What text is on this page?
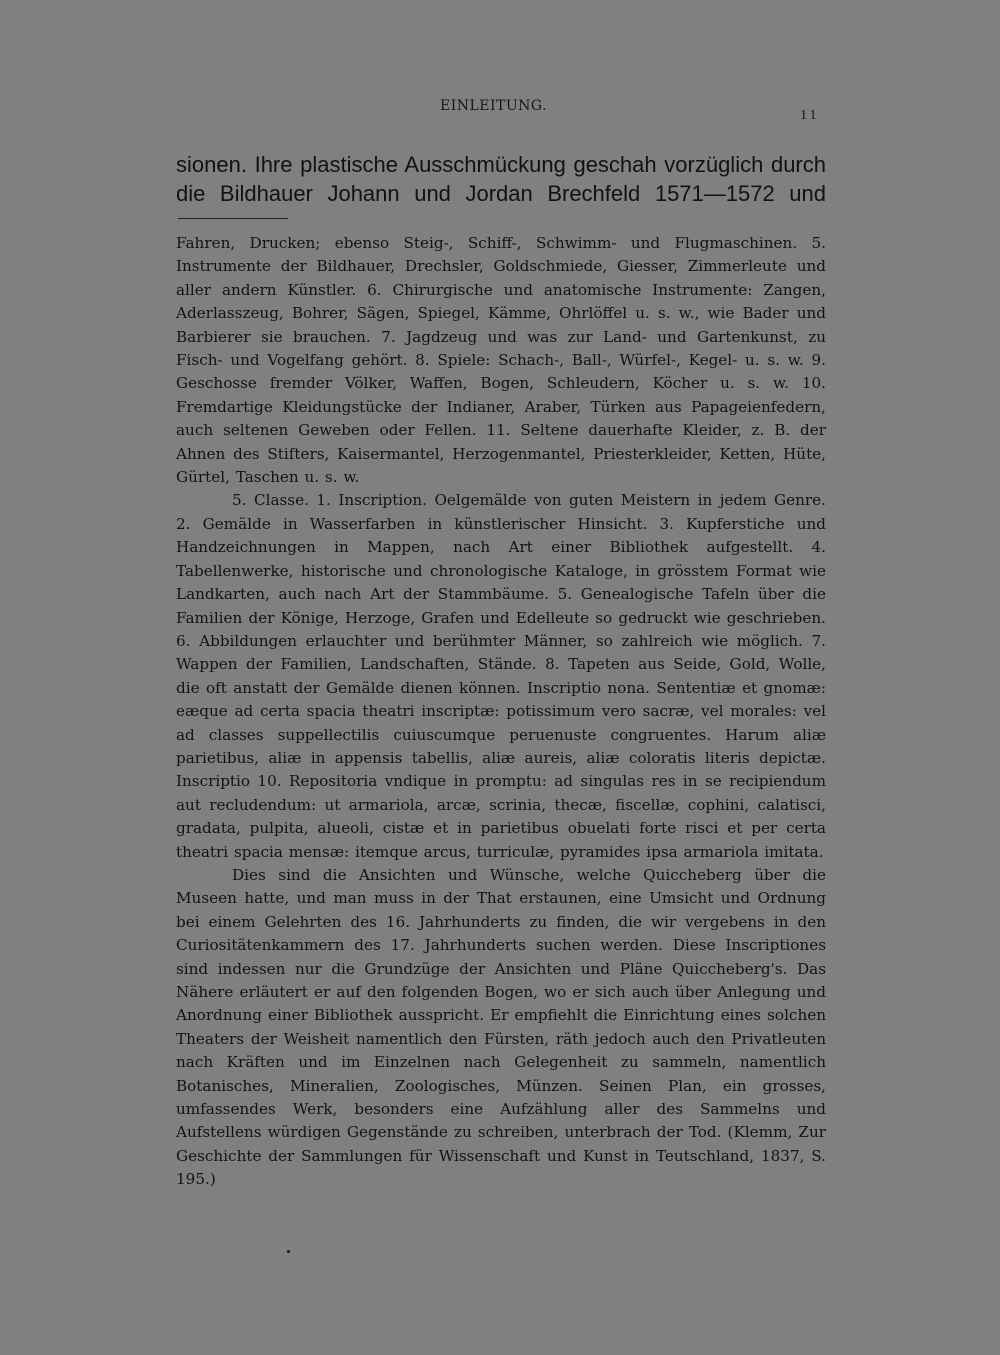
EINLEITUNG.
11
sionen. Ihre plastische Ausschmückung geschah vorzüglich durch
die Bildhauer Johann und Jordan Brechfeld 1571—1572 und

Fahren, Drucken; ebenso Steig-, Schiff-, Schwimm- und Flugmaschinen. 5. Instrumente der Bildhauer, Drechsler, Goldschmiede, Giesser, Zimmerleute und aller andern Künstler. 6. Chirurgische und anatomische Instrumente: Zangen, Aderlasszeug, Bohrer, Sägen, Spiegel, Kämme, Ohrlöffel u. s. w., wie Bader und Barbierer sie brauchen. 7. Jagdzeug und was zur Land- und Gartenkunst, zu Fisch- und Vogelfang gehört. 8. Spiele: Schach-, Ball-, Würfel-, Kegel- u. s. w. 9. Geschosse fremder Völker, Waffen, Bogen, Schleudern, Köcher u. s. w. 10. Fremdartige Kleidungstücke der Indianer, Araber, Türken aus Papageienfedern, auch seltenen Geweben oder Fellen. 11. Seltene dauerhafte Kleider, z. B. der Ahnen des Stifters, Kaisermantel, Herzogenmantel, Priesterkleider, Ketten, Hüte, Gürtel, Taschen u. s. w.

5. Classe. 1. Inscription. Oelgemälde von guten Meistern in jedem Genre. 2. Gemälde in Wasserfarben in künstlerischer Hinsicht. 3. Kupferstiche und Handzeichnungen in Mappen, nach Art einer Bibliothek aufgestellt. 4. Tabellenwerke, historische und chronologische Kataloge, in grösstem Format wie Landkarten, auch nach Art der Stammbäume. 5. Genealogische Tafeln über die Familien der Könige, Herzoge, Grafen und Edelleute so gedruckt wie geschrieben. 6. Abbildungen erlauchter und berühmter Männer, so zahlreich wie möglich. 7. Wappen der Familien, Landschaften, Stände. 8. Tapeten aus Seide, Gold, Wolle, die oft anstatt der Gemälde dienen können. Inscriptio nona. Sententiæ et gnomæ: eæque ad certa spacia theatri inscriptæ: potissimum vero sacræ, vel morales: vel ad classes suppellectilis cuiuscumque peruenuste congruentes. Harum aliæ parietibus, aliæ in appensis tabellis, aliæ aureis, aliæ coloratis literis depictæ. Inscriptio 10. Repositoria vndique in promptu: ad singulas res in se recipiendum aut recludendum: ut armariola, arcæ, scrinia, thecæ, fiscellæ, cophini, calatisci, gradata, pulpita, alueoli, cistæ et in parietibus obuelati forte risci et per certa theatri spacia mensæ: itemque arcus, turriculæ, pyramides ipsa armariola imitata.

Dies sind die Ansichten und Wünsche, welche Quiccheberg über die Museen hatte, und man muss in der That erstaunen, eine Umsicht und Ordnung bei einem Gelehrten des 16. Jahrhunderts zu finden, die wir vergebens in den Curiositätenkammern des 17. Jahrhunderts suchen werden. Diese Inscriptiones sind indessen nur die Grundzüge der Ansichten und Pläne Quiccheberg's. Das Nähere erläutert er auf den folgenden Bogen, wo er sich auch über Anlegung und Anordnung einer Bibliothek ausspricht. Er empfiehlt die Einrichtung eines solchen Theaters der Weisheit namentlich den Fürsten, räth jedoch auch den Privatleuten nach Kräften und im Einzelnen nach Gelegenheit zu sammeln, namentlich Botanisches, Mineralien, Zoologisches, Münzen. Seinen Plan, ein grosses, umfassendes Werk, besonders eine Aufzählung aller des Sammelns und Aufstellens würdigen Gegenstände zu schreiben, unterbrach der Tod. (Klemm, Zur Geschichte der Sammlungen für Wissenschaft und Kunst in Teutschland, 1837, S. 195.)
